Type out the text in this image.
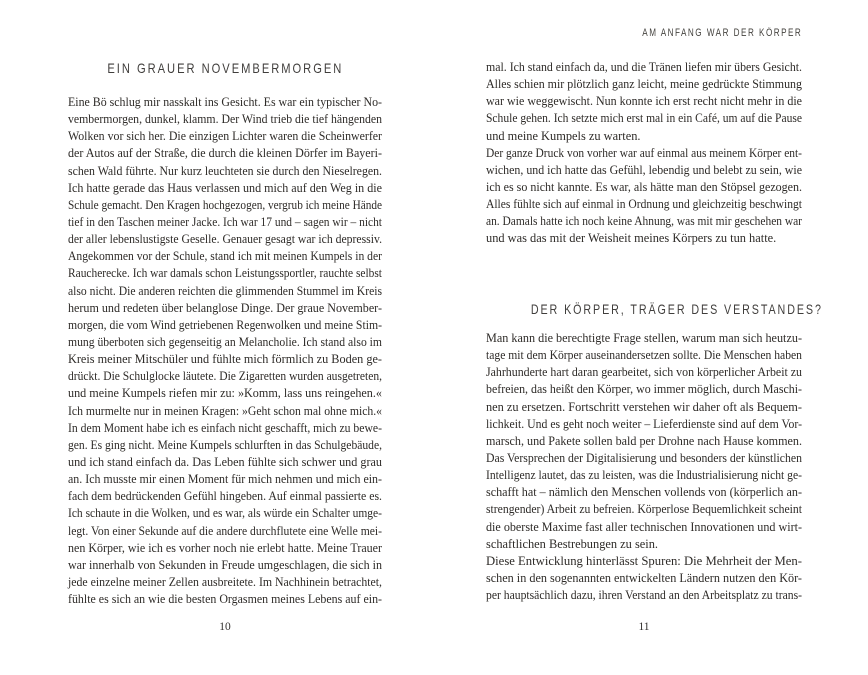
EIN GRAUER NOVEMBERMORGEN
Eine Bö schlug mir nasskalt ins Gesicht. Es war ein typischer No-
vembermorgen, dunkel, klamm. Der Wind trieb die tief hängenden
Wolken vor sich her. Die einzigen Lichter waren die Scheinwerfer
der Autos auf der Straße, die durch die kleinen Dörfer im Bayeri-
schen Wald führte. Nur kurz leuchteten sie durch den Nieselregen.
Ich hatte gerade das Haus verlassen und mich auf den Weg in die
Schule gemacht. Den Kragen hochgezogen, vergrub ich meine Hände
tief in den Taschen meiner Jacke. Ich war 17 und – sagen wir – nicht
der aller lebenslustigste Geselle. Genauer gesagt war ich depressiv.
Angekommen vor der Schule, stand ich mit meinen Kumpels in der
Raucherecke. Ich war damals schon Leistungssportler, rauchte selbst
also nicht. Die anderen reichten die glimmenden Stummel im Kreis
herum und redeten über belanglose Dinge. Der graue November-
morgen, die vom Wind getriebenen Regenwolken und meine Stim-
mung überboten sich gegenseitig an Melancholie. Ich stand also im
Kreis meiner Mitschüler und fühlte mich förmlich zu Boden ge-
drückt. Die Schulglocke läutete. Die Zigaretten wurden ausgetreten,
und meine Kumpels riefen mir zu: »Komm, lass uns reingehen.«
Ich murmelte nur in meinen Kragen: »Geht schon mal ohne mich.«
In dem Moment habe ich es einfach nicht geschafft, mich zu bewe-
gen. Es ging nicht. Meine Kumpels schlurften in das Schulgebäude,
und ich stand einfach da. Das Leben fühlte sich schwer und grau
an. Ich musste mir einen Moment für mich nehmen und mich ein-
fach dem bedrückenden Gefühl hingeben. Auf einmal passierte es.
Ich schaute in die Wolken, und es war, als würde ein Schalter umge-
legt. Von einer Sekunde auf die andere durchflutete eine Welle mei-
nen Körper, wie ich es vorher noch nie erlebt hatte. Meine Trauer
war innerhalb von Sekunden in Freude umgeschlagen, die sich in
jede einzelne meiner Zellen ausbreitete. Im Nachhinein betrachtet,
fühlte es sich an wie die besten Orgasmen meines Lebens auf ein-
10
AM ANFANG WAR DER KÖRPER
mal. Ich stand einfach da, und die Tränen liefen mir übers Gesicht.
Alles schien mir plötzlich ganz leicht, meine gedrückte Stimmung
war wie weggewischt. Nun konnte ich erst recht nicht mehr in die
Schule gehen. Ich setzte mich erst mal in ein Café, um auf die Pause
und meine Kumpels zu warten.
Der ganze Druck von vorher war auf einmal aus meinem Körper ent-
wichen, und ich hatte das Gefühl, lebendig und belebt zu sein, wie
ich es so nicht kannte. Es war, als hätte man den Stöpsel gezogen.
Alles fühlte sich auf einmal in Ordnung und gleichzeitig beschwingt
an. Damals hatte ich noch keine Ahnung, was mit mir geschehen war
und was das mit der Weisheit meines Körpers zu tun hatte.
DER KÖRPER, TRÄGER DES VERSTANDES?
Man kann die berechtigte Frage stellen, warum man sich heutzu-
tage mit dem Körper auseinandersetzen sollte. Die Menschen haben
Jahrhunderte hart daran gearbeitet, sich von körperlicher Arbeit zu
befreien, das heißt den Körper, wo immer möglich, durch Maschi-
nen zu ersetzen. Fortschritt verstehen wir daher oft als Bequem-
lichkeit. Und es geht noch weiter – Lieferdienste sind auf dem Vor-
marsch, und Pakete sollen bald per Drohne nach Hause kommen.
Das Versprechen der Digitalisierung und besonders der künstlichen
Intelligenz lautet, das zu leisten, was die Industrialisierung nicht ge-
schafft hat – nämlich den Menschen vollends von (körperlich an-
strengender) Arbeit zu befreien. Körperlose Bequemlichkeit scheint
die oberste Maxime fast aller technischen Innovationen und wirt-
schaftlichen Bestrebungen zu sein.
Diese Entwicklung hinterlässt Spuren: Die Mehrheit der Men-
schen in den sogenannten entwickelten Ländern nutzen den Kör-
per hauptsächlich dazu, ihren Verstand an den Arbeitsplatz zu trans-
11
